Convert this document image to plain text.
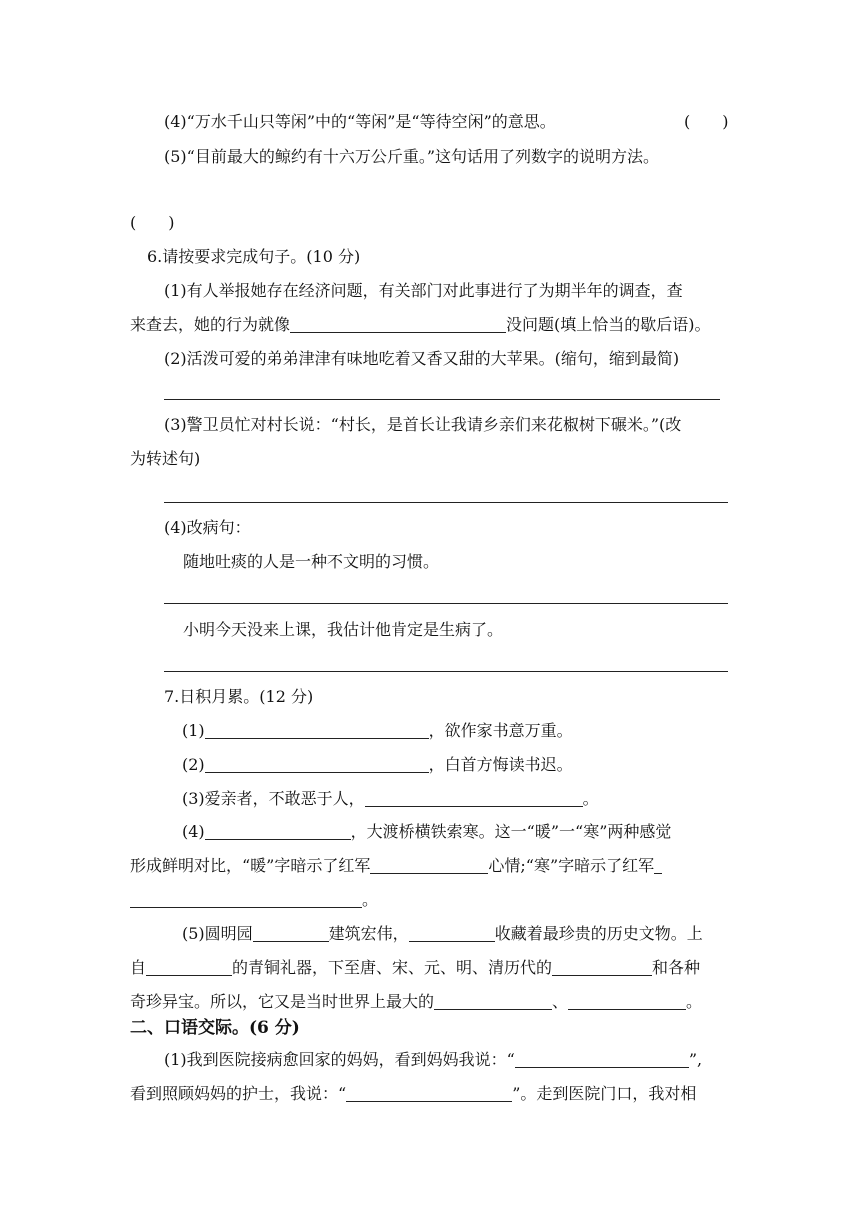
(4)“万水千山只等闲”中的“等闲”是“等待空闲”的意思。	(　　)
(5)“目前最大的鲸约有十六万公斤重。”这句话用了列数字的说明方法。
(　　)
6.请按要求完成句子。(10 分)
(1)有人举报她存在经济问题，有关部门对此事进行了为期半年的调查，查
来查去，她的行为就像	没问题(填上恰当的歇后语)。
(2)活泼可爱的弟弟津津有味地吃着又香又甜的大苹果。(缩句，缩到最简)
(3)警卫员忙对村长说：“村长，是首长让我请乡亲们来花椒树下碾米。”(改
为转述句)
(4)改病句：
随地吐痰的人是一种不文明的习惯。
小明今天没来上课，我估计他肯定是生病了。
7.日积月累。(12 分)
(1)	，欲作家书意万重。
(2)	，白首方悔读书迟。
(3)爱亲者，不敢恶于人，	。
(4)	，大渡桥横铁索寒。这一“暖”一“寒”两种感觉
形成鲜明对比，“暖”字暗示了红军	心情;“寒”字暗示了红军
。
(5)圆明园	建筑宏伟，	收藏着最珍贵的历史文物。上
自	的青铜礼器，下至唐、宋、元、明、清历代的	和各种
奇珍异宝。所以，它又是当时世界上最大的	、	。
二、口语交际。(6 分)
(1)我到医院接病愈回家的妈妈，看到妈妈我说：“	”,
看到照顾妈妈的护士，我说：“	”。走到医院门口，我对相
